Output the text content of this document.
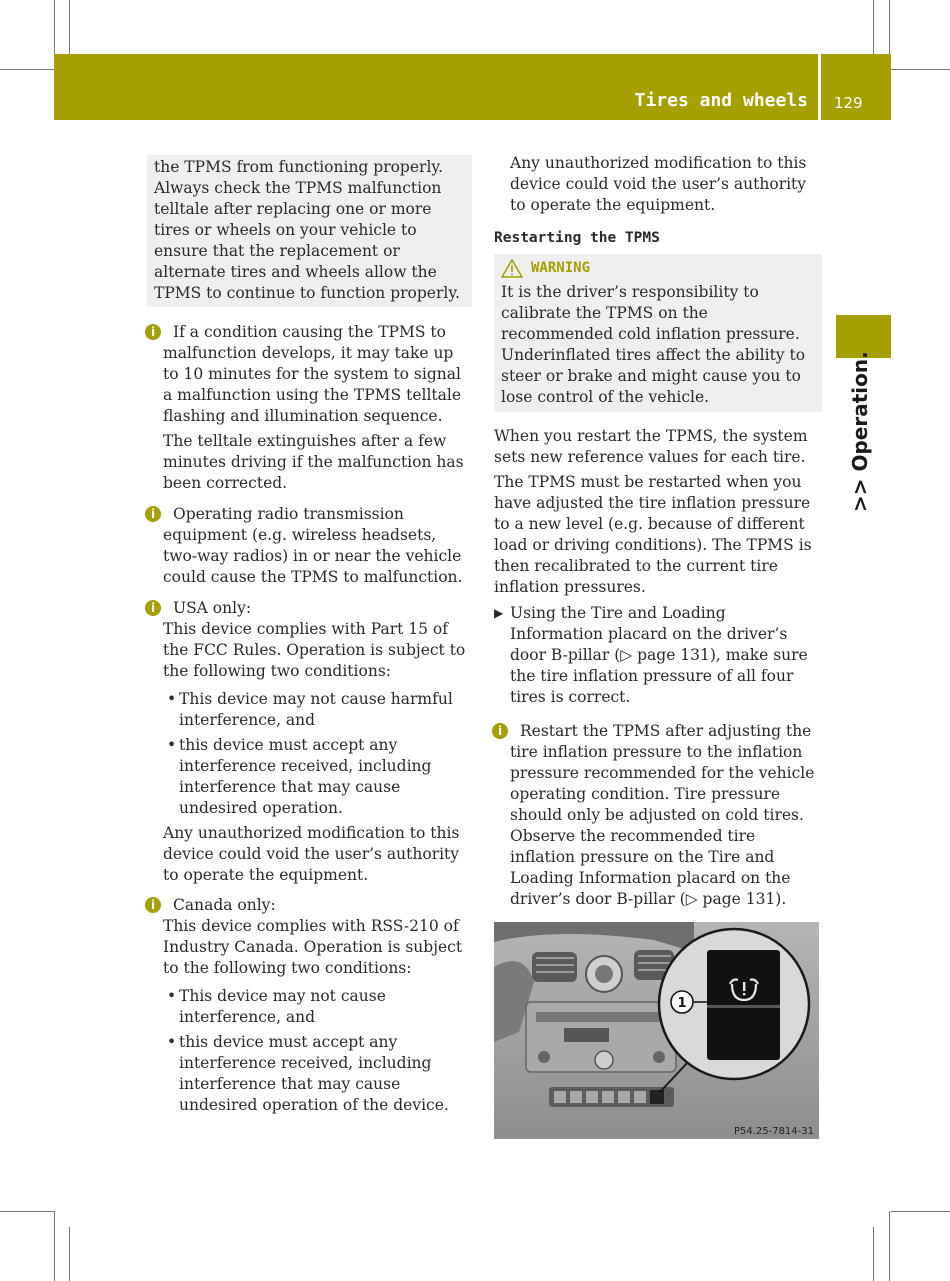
Tires and wheels 129
>> Operation.

the TPMS from functioning properly. Always check the TPMS malfunction telltale after replacing one or more tires or wheels on your vehicle to ensure that the replacement or alternate tires and wheels allow the TPMS to continue to function properly.

i	If a condition causing the TPMS to malfunction develops, it may take up to 10 minutes for the system to signal a malfunction using the TPMS telltale flashing and illumination sequence.

The telltale extinguishes after a few minutes driving if the malfunction has been corrected.

i	Operating radio transmission equipment (e.g. wireless headsets, two-way radios) in or near the vehicle could cause the TPMS to malfunction.

i	USA only:

This device complies with Part 15 of the FCC Rules. Operation is subject to the following two conditions:

• This device may not cause harmful interference, and

• this device must accept any interference received, including interference that may cause undesired operation.

Any unauthorized modification to this device could void the user’s authority to operate the equipment.

i	Canada only:

This device complies with RSS-210 of Industry Canada. Operation is subject to the following two conditions:

• This device may not cause interference, and

• this device must accept any interference received, including interference that may cause undesired operation of the device.

Any unauthorized modification to this device could void the user’s authority to operate the equipment.

Restarting the TPMS
WARNING

It is the driver’s responsibility to calibrate the TPMS on the recommended cold inflation pressure. Underinflated tires affect the ability to steer or brake and might cause you to lose control of the vehicle.

When you restart the TPMS, the system sets new reference values for each tire.

The TPMS must be restarted when you have adjusted the tire inflation pressure to a new level (e.g. because of different load or driving conditions). The TPMS is then recalibrated to the current tire inflation pressures.

▶ Using the Tire and Loading Information placard on the driver’s door B-pillar (▷ page 131), make sure the tire inflation pressure of all four tires is correct.

i	Restart the TPMS after adjusting the tire inflation pressure to the inflation pressure recommended for the vehicle operating condition. Tire pressure should only be adjusted on cold tires. Observe the recommended tire inflation pressure on the Tire and Loading Information placard on the driver’s door B-pillar (▷ page 131).

1
P54.25-7814-31
